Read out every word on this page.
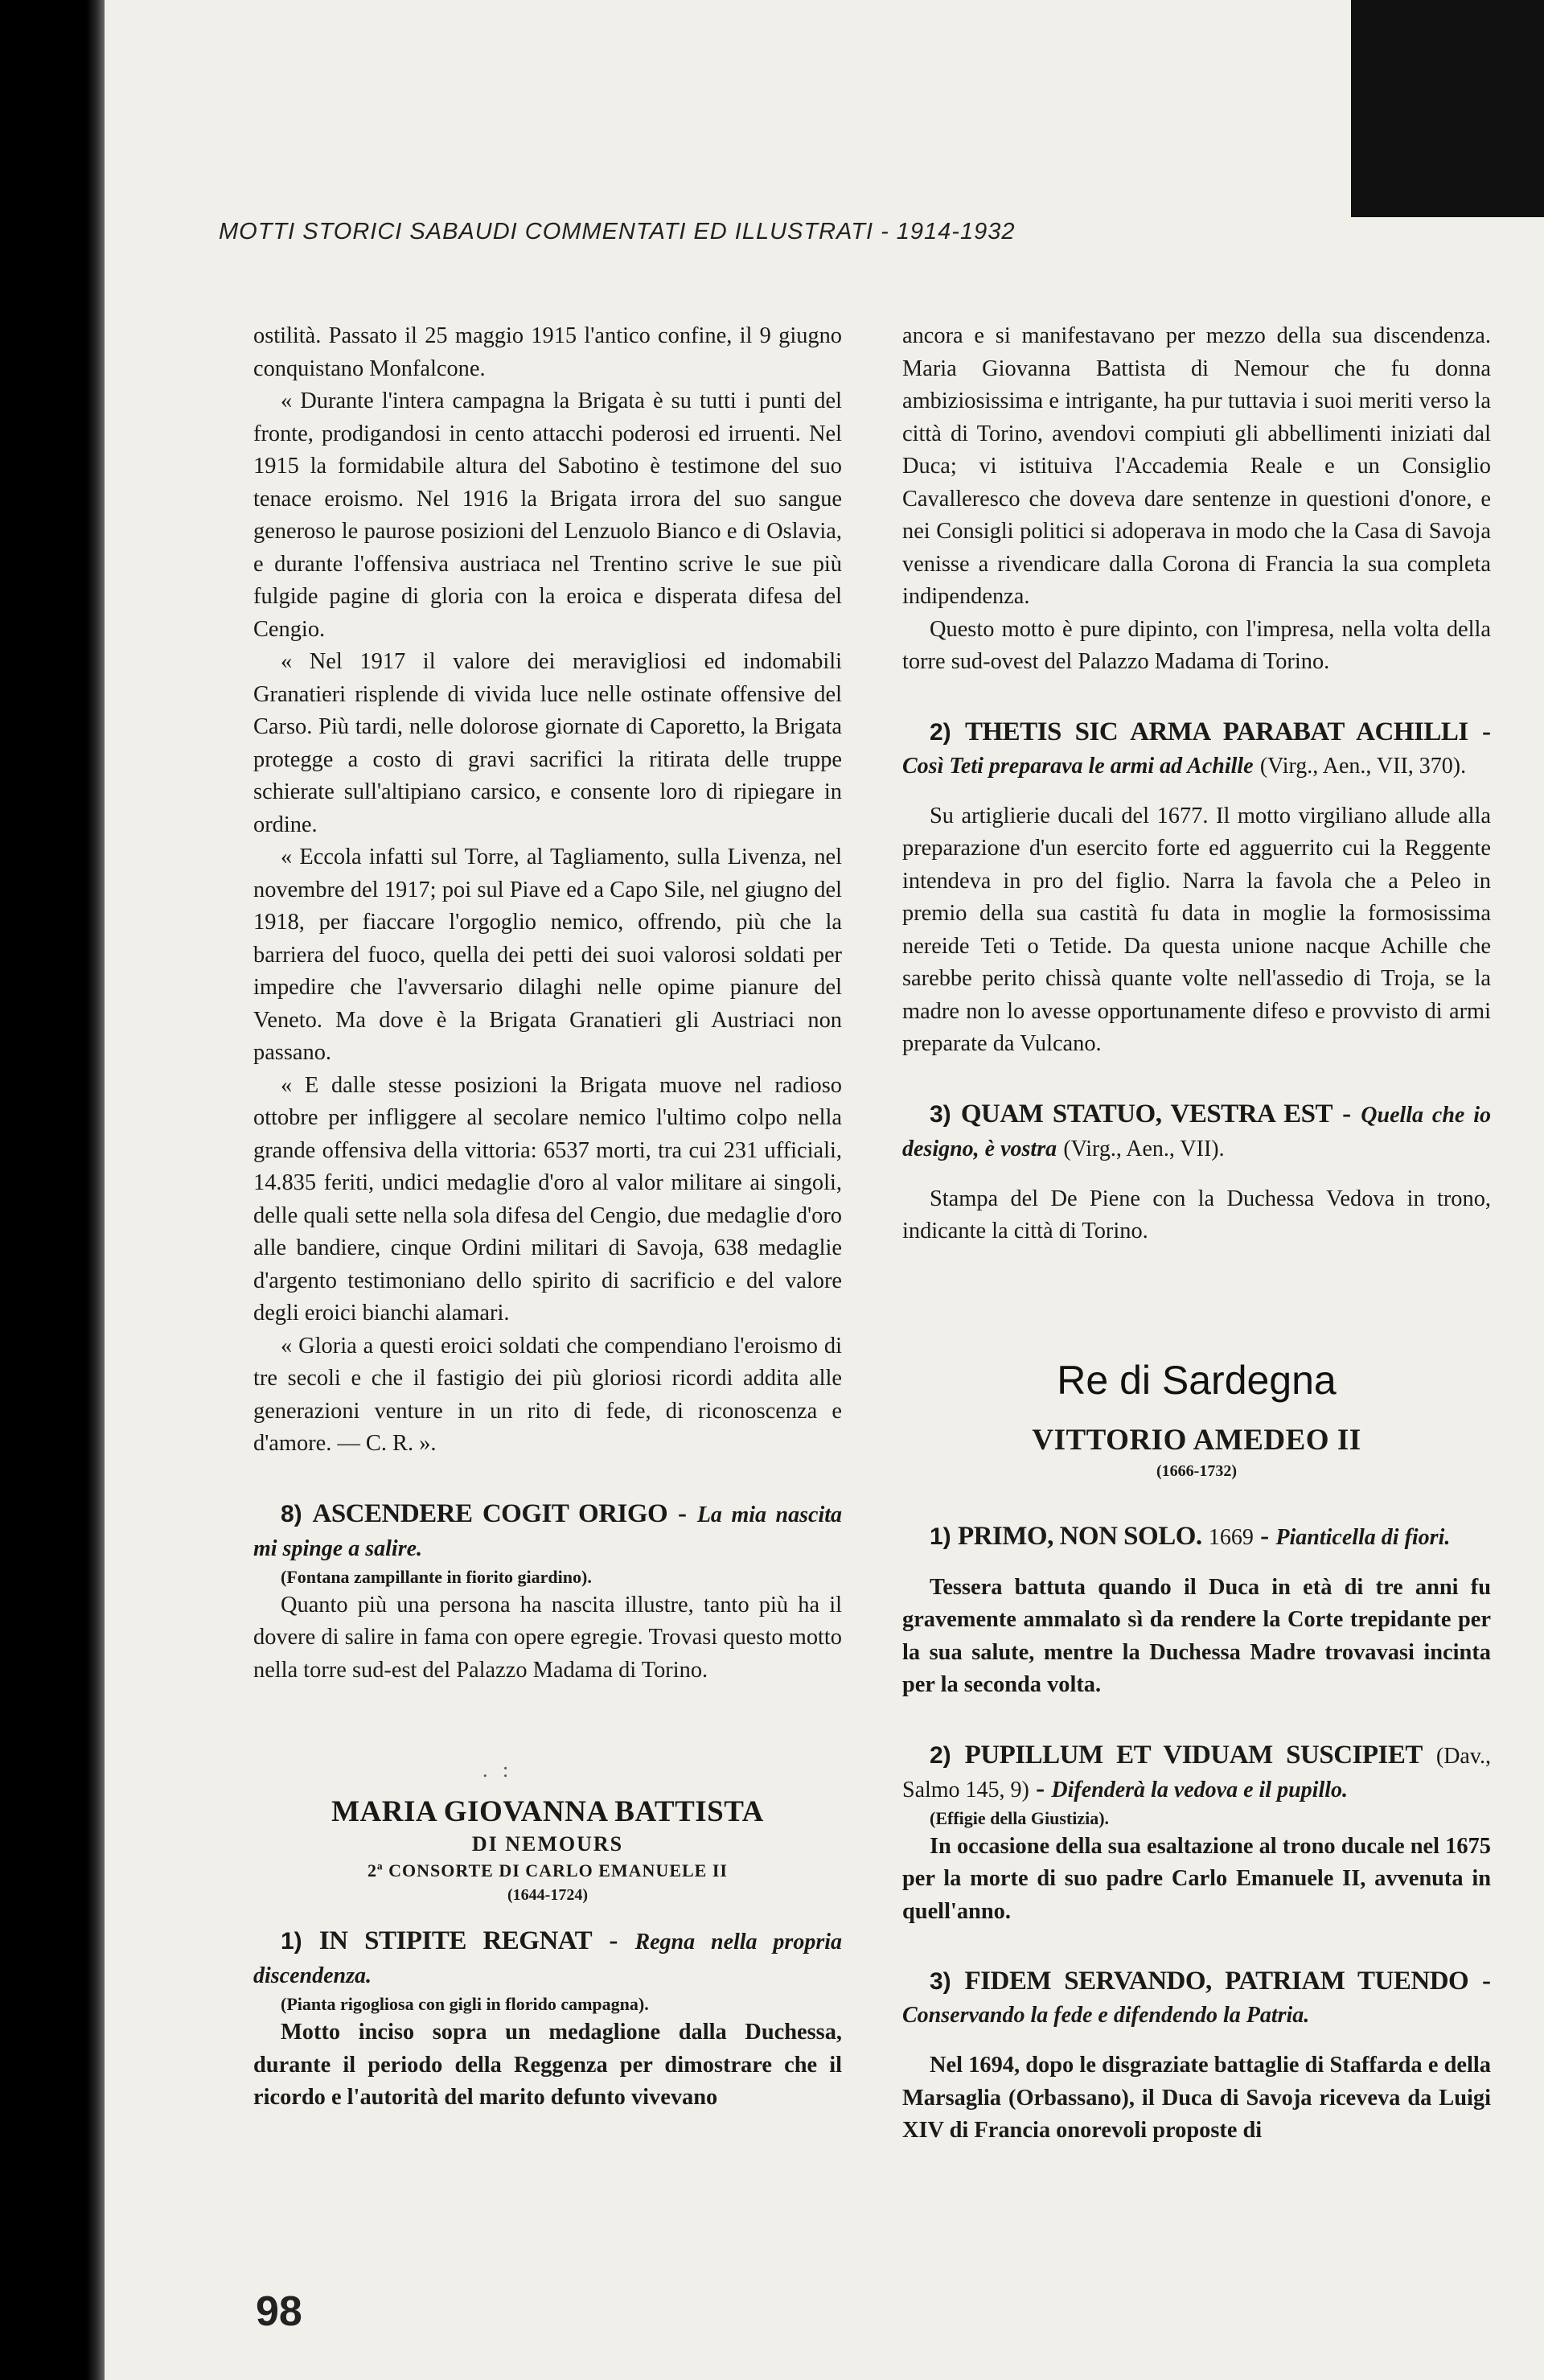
MOTTI STORICI SABAUDI COMMENTATI ED ILLUSTRATI - 1914-1932

ostilità. Passato il 25 maggio 1915 l'antico confine, il 9 giugno conquistano Monfalcone.

« Durante l'intera campagna la Brigata è su tutti i punti del fronte, prodigandosi in cento attacchi poderosi ed irruenti. Nel 1915 la formidabile altura del Sabotino è testimone del suo tenace eroismo. Nel 1916 la Brigata irrora del suo sangue generoso le paurose posizioni del Lenzuolo Bianco e di Oslavia, e durante l'offensiva austriaca nel Trentino scrive le sue più fulgide pagine di gloria con la eroica e disperata difesa del Cengio.

« Nel 1917 il valore dei meravigliosi ed indomabili Granatieri risplende di vivida luce nelle ostinate offensive del Carso. Più tardi, nelle dolorose giornate di Caporetto, la Brigata protegge a costo di gravi sacrifici la ritirata delle truppe schierate sull'altipiano carsico, e consente loro di ripiegare in ordine.

« Eccola infatti sul Torre, al Tagliamento, sulla Livenza, nel novembre del 1917; poi sul Piave ed a Capo Sile, nel giugno del 1918, per fiaccare l'orgoglio nemico, offrendo, più che la barriera del fuoco, quella dei petti dei suoi valorosi soldati per impedire che l'avversario dilaghi nelle opime pianure del Veneto. Ma dove è la Brigata Granatieri gli Austriaci non passano.

« E dalle stesse posizioni la Brigata muove nel radioso ottobre per infliggere al secolare nemico l'ultimo colpo nella grande offensiva della vittoria: 6537 morti, tra cui 231 ufficiali, 14.835 feriti, undici medaglie d'oro al valor militare ai singoli, delle quali sette nella sola difesa del Cengio, due medaglie d'oro alle bandiere, cinque Ordini militari di Savoja, 638 medaglie d'argento testimoniano dello spirito di sacrificio e del valore degli eroici bianchi alamari.

« Gloria a questi eroici soldati che compendiano l'eroismo di tre secoli e che il fastigio dei più gloriosi ricordi addita alle generazioni venture in un rito di fede, di riconoscenza e d'amore. — C. R. ».

8) ASCENDERE COGIT ORIGO - La mia nascita mi spinge a salire.

(Fontana zampillante in fiorito giardino).

Quanto più una persona ha nascita illustre, tanto più ha il dovere di salire in fama con opere egregie. Trovasi questo motto nella torre sud-est del Palazzo Madama di Torino.

MARIA GIOVANNA BATTISTA

DI NEMOURS

2ª CONSORTE DI CARLO EMANUELE II

(1644-1724)

1) IN STIPITE REGNAT - Regna nella propria discendenza.

(Pianta rigogliosa con gigli in florido campagna).

Motto inciso sopra un medaglione dalla Duchessa, durante il periodo della Reggenza per dimostrare che il ricordo e l'autorità del marito defunto vivevano

. :

ancora e si manifestavano per mezzo della sua discendenza. Maria Giovanna Battista di Nemour che fu donna ambiziosissima e intrigante, ha pur tuttavia i suoi meriti verso la città di Torino, avendovi compiuti gli abbellimenti iniziati dal Duca; vi istituiva l'Accademia Reale e un Consiglio Cavalleresco che doveva dare sentenze in questioni d'onore, e nei Consigli politici si adoperava in modo che la Casa di Savoja venisse a rivendicare dalla Corona di Francia la sua completa indipendenza.

Questo motto è pure dipinto, con l'impresa, nella volta della torre sud-ovest del Palazzo Madama di Torino.

2) THETIS SIC ARMA PARABAT ACHILLI - Così Teti preparava le armi ad Achille (Virg., Aen., VII, 370).

Su artiglierie ducali del 1677. Il motto virgiliano allude alla preparazione d'un esercito forte ed agguerrito cui la Reggente intendeva in pro del figlio. Narra la favola che a Peleo in premio della sua castità fu data in moglie la formosissima nereide Teti o Tetide. Da questa unione nacque Achille che sarebbe perito chissà quante volte nell'assedio di Troja, se la madre non lo avesse opportunamente difeso e provvisto di armi preparate da Vulcano.

3) QUAM STATUO, VESTRA EST - Quella che io designo, è vostra (Virg., Aen., VII).

Stampa del De Piene con la Duchessa Vedova in trono, indicante la città di Torino.

Re di Sardegna

VITTORIO AMEDEO II

(1666-1732)

1) PRIMO, NON SOLO. 1669 - Pianticella di fiori.

Tessera battuta quando il Duca in età di tre anni fu gravemente ammalato sì da rendere la Corte trepidante per la sua salute, mentre la Duchessa Madre trovavasi incinta per la seconda volta.

2) PUPILLUM ET VIDUAM SUSCIPIET (Dav., Salmo 145, 9) - Difenderà la vedova e il pupillo.

(Effigie della Giustizia).

In occasione della sua esaltazione al trono ducale nel 1675 per la morte di suo padre Carlo Emanuele II, avvenuta in quell'anno.

3) FIDEM SERVANDO, PATRIAM TUENDO - Conservando la fede e difendendo la Patria.

Nel 1694, dopo le disgraziate battaglie di Staffarda e della Marsaglia (Orbassano), il Duca di Savoja riceveva da Luigi XIV di Francia onorevoli proposte di

98
